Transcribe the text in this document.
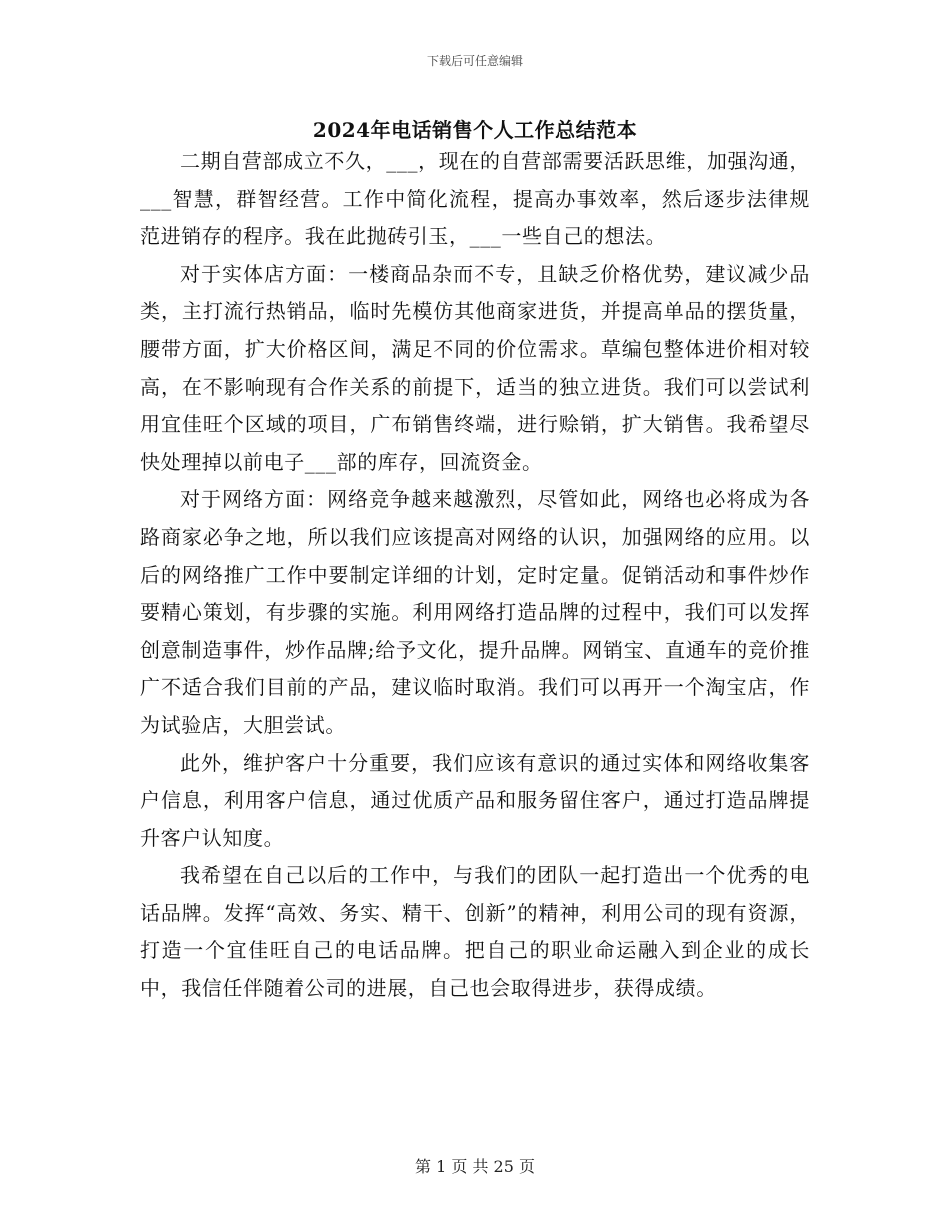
下载后可任意编辑
2024年电话销售个人工作总结范本

二期自营部成立不久，___，现在的自营部需要活跃思维，加强沟通，___智慧，群智经营。工作中简化流程，提高办事效率，然后逐步法律规范进销存的程序。我在此抛砖引玉，___一些自己的想法。

对于实体店方面：一楼商品杂而不专，且缺乏价格优势，建议减少品类，主打流行热销品，临时先模仿其他商家进货，并提高单品的摆货量，腰带方面，扩大价格区间，满足不同的价位需求。草编包整体进价相对较高，在不影响现有合作关系的前提下，适当的独立进货。我们可以尝试利用宜佳旺个区域的项目，广布销售终端，进行赊销，扩大销售。我希望尽快处理掉以前电子___部的库存，回流资金。

对于网络方面：网络竞争越来越激烈，尽管如此，网络也必将成为各路商家必争之地，所以我们应该提高对网络的认识，加强网络的应用。以后的网络推广工作中要制定详细的计划，定时定量。促销活动和事件炒作要精心策划，有步骤的实施。利用网络打造品牌的过程中，我们可以发挥创意制造事件，炒作品牌;给予文化，提升品牌。网销宝、直通车的竞价推广不适合我们目前的产品，建议临时取消。我们可以再开一个淘宝店，作为试验店，大胆尝试。

此外，维护客户十分重要，我们应该有意识的通过实体和网络收集客户信息，利用客户信息，通过优质产品和服务留住客户，通过打造品牌提升客户认知度。

我希望在自己以后的工作中，与我们的团队一起打造出一个优秀的电话品牌。发挥“高效、务实、精干、创新”的精神，利用公司的现有资源，打造一个宜佳旺自己的电话品牌。把自己的职业命运融入到企业的成长中，我信任伴随着公司的进展，自己也会取得进步，获得成绩。

第 1 页 共 25 页
